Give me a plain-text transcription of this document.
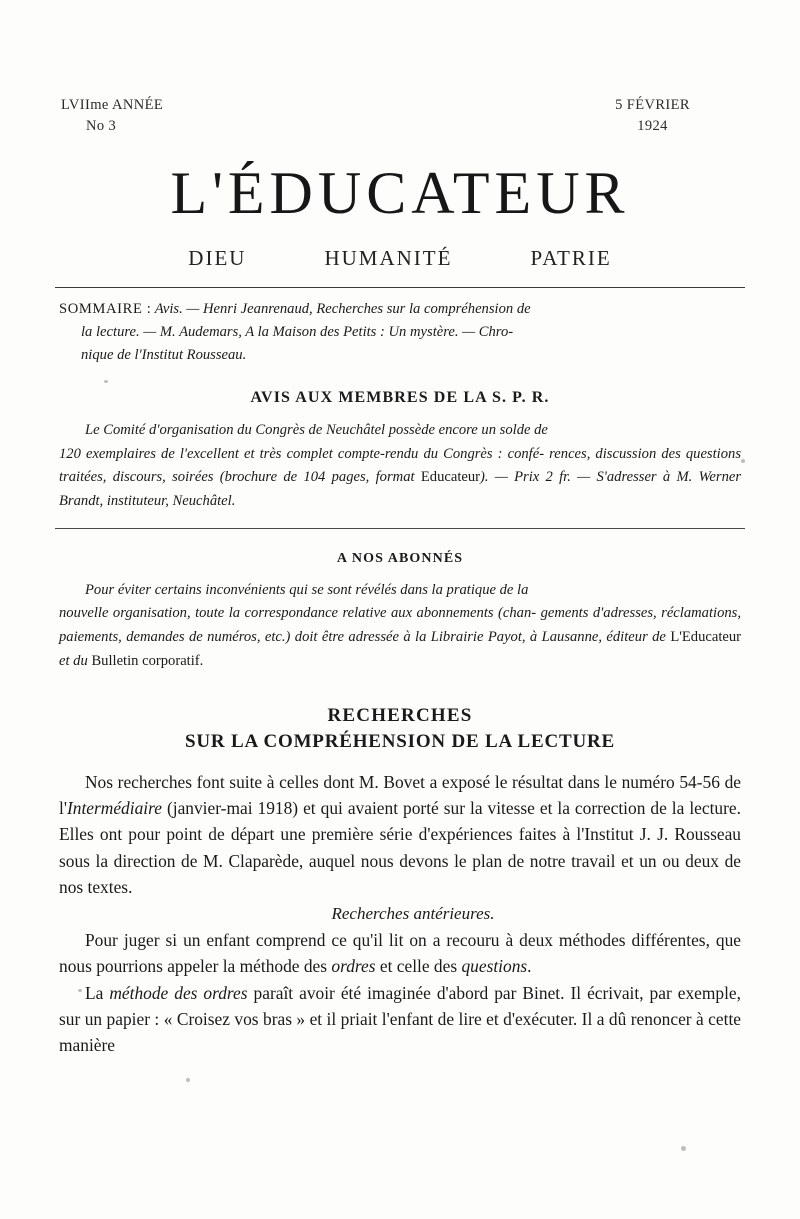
LVIIme ANNÉE
No 3
5 FÉVRIER
1924
L'ÉDUCATEUR
DIEU	HUMANITÉ	PATRIE
SOMMAIRE : Avis. — Henri Jeanrenaud, Recherches sur la compréhension de
la lecture. — M. Audemars, A la Maison des Petits : Un mystère. — Chro-
nique de l'Institut Rousseau.
AVIS AUX MEMBRES DE LA S. P. R.
Le Comité d'organisation du Congrès de Neuchâtel possède encore un solde de
120 exemplaires de l'excellent et très complet compte-rendu du Congrès : confé- rences, discussion des questions traitées, discours, soirées (brochure de 104 pages, format Educateur). — Prix 2 fr. — S'adresser à M. Werner Brandt, instituteur, Neuchâtel.
A NOS ABONNÉS
Pour éviter certains inconvénients qui se sont révélés dans la pratique de la
nouvelle organisation, toute la correspondance relative aux abonnements (chan- gements d'adresses, réclamations, paiements, demandes de numéros, etc.) doit être adressée à la Librairie Payot, à Lausanne, éditeur de L'Educateur et du Bulletin corporatif.
RECHERCHES
SUR LA COMPRÉHENSION DE LA LECTURE

Nos recherches font suite à celles dont M. Bovet a exposé le résultat dans le numéro 54-56 de l'Intermédiaire (janvier-mai 1918) et qui avaient porté sur la vitesse et la correction de la lecture. Elles ont pour point de départ une première série d'expériences faites à l'Institut J. J. Rousseau sous la direction de M. Claparède, auquel nous devons le plan de notre travail et un ou deux de nos textes.

Recherches antérieures.

Pour juger si un enfant comprend ce qu'il lit on a recouru à deux méthodes différentes, que nous pourrions appeler la méthode des ordres et celle des questions.

La méthode des ordres paraît avoir été imaginée d'abord par Binet. Il écrivait, par exemple, sur un papier : « Croisez vos bras » et il priait l'enfant de lire et d'exécuter. Il a dû renoncer à cette manière
